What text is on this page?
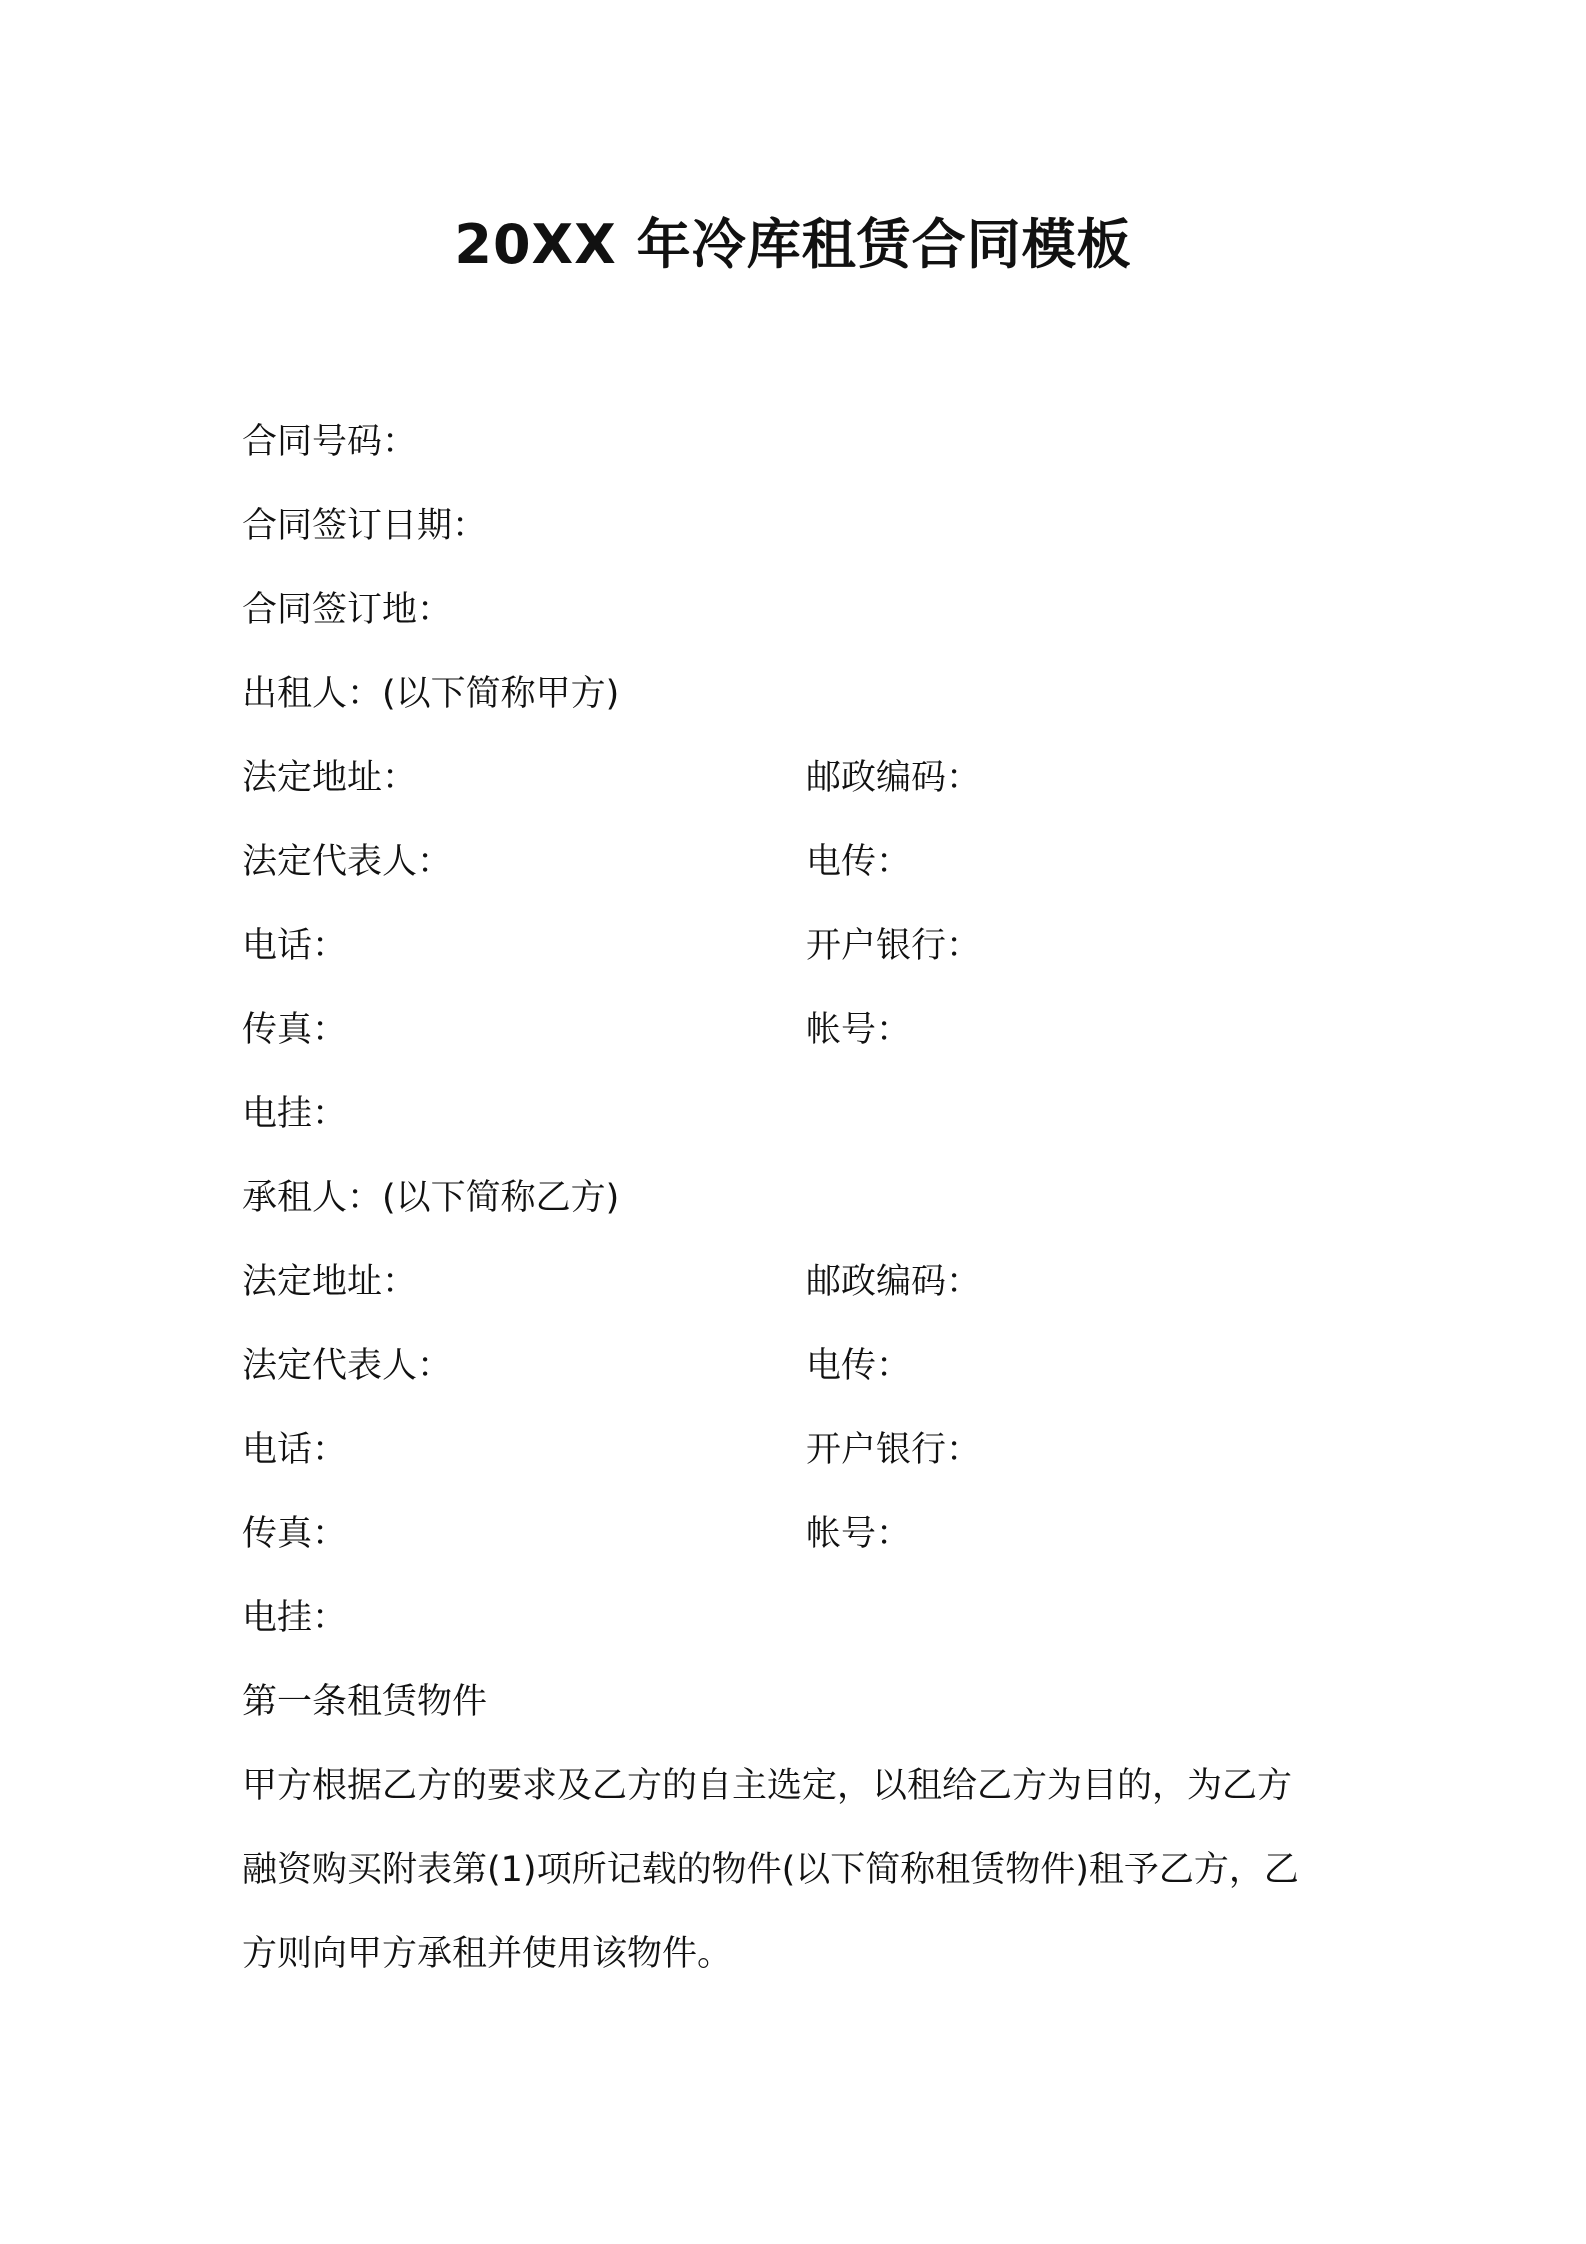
20XX 年冷库租赁合同模板
合同号码：
合同签订日期：
合同签订地：
出租人：(以下简称甲方)
法定地址：	邮政编码：
法定代表人：	电传：
电话：	开户银行：
传真：	帐号：
电挂：
承租人：(以下简称乙方)
法定地址：	邮政编码：
法定代表人：	电传：
电话：	开户银行：
传真：	帐号：
电挂：
第一条租赁物件
甲方根据乙方的要求及乙方的自主选定，以租给乙方为目的，为乙方
融资购买附表第(1)项所记载的物件(以下简称租赁物件)租予乙方，乙
方则向甲方承租并使用该物件。
